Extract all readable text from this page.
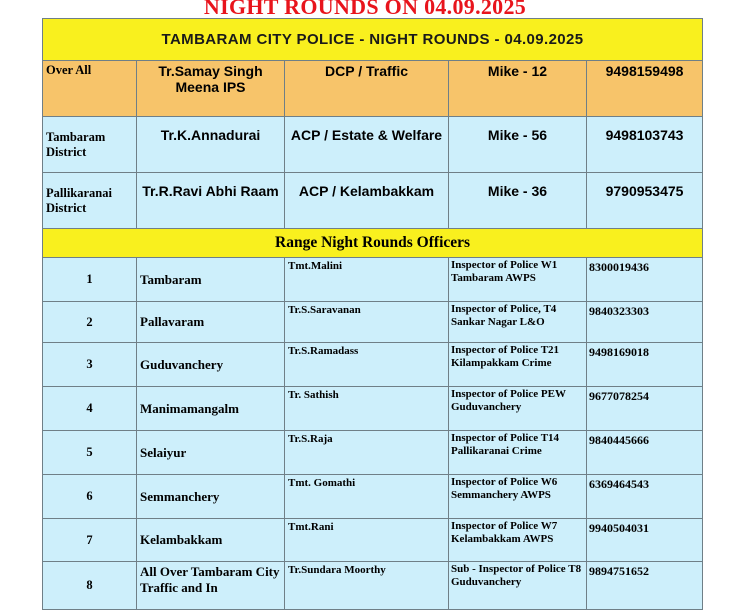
NIGHT ROUNDS ON 04.09.2025
TAMBARAM CITY POLICE - NIGHT ROUNDS - 04.09.2025				
Over All	Tr.Samay Singh Meena IPS	DCP / Traffic	Mike - 12	9498159498
Tambaram District	Tr.K.Annadurai	ACP / Estate & Welfare	Mike - 56	9498103743
Pallikaranai District	Tr.R.Ravi Abhi Raam	ACP / Kelambakkam	Mike - 36	9790953475
Range Night Rounds Officers				
1	Tambaram	Tmt.Malini	Inspector of Police W1 Tambaram AWPS	8300019436
2	Pallavaram	Tr.S.Saravanan	Inspector of Police, T4 Sankar Nagar L&O	9840323303
3	Guduvanchery	Tr.S.Ramadass	Inspector of Police T21 Kilampakkam Crime	9498169018
4	Manimamangalm	Tr. Sathish	Inspector of Police PEW Guduvanchery	9677078254
5	Selaiyur	Tr.S.Raja	Inspector of Police T14 Pallikaranai Crime	9840445666
6	Semmanchery	Tmt. Gomathi	Inspector of Police W6 Semmanchery AWPS	6369464543
7	Kelambakkam	Tmt.Rani	Inspector of Police W7 Kelambakkam AWPS	9940504031
8	All Over Tambaram City Traffic and In	Tr.Sundara Moorthy	Sub - Inspector of Police T8 Guduvanchery	9894751652
